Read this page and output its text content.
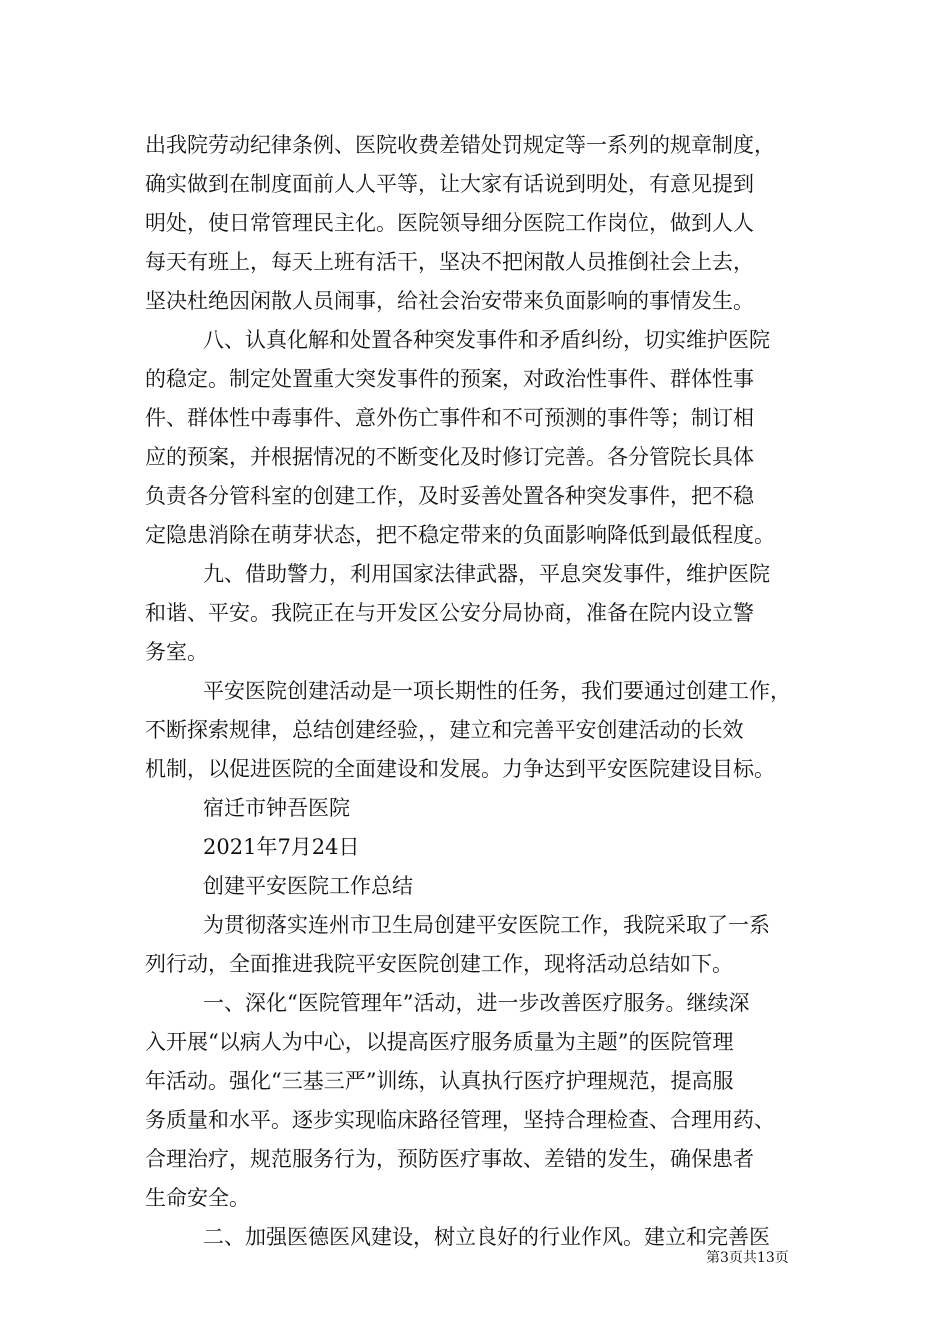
出我院劳动纪律条例、医院收费差错处罚规定等一系列的规章制度，
确实做到在制度面前人人平等，让大家有话说到明处，有意见提到
明处，使日常管理民主化。医院领导细分医院工作岗位，做到人人
每天有班上，每天上班有活干，坚决不把闲散人员推倒社会上去，
坚决杜绝因闲散人员闹事，给社会治安带来负面影响的事情发生。
八、认真化解和处置各种突发事件和矛盾纠纷，切实维护医院
的稳定。制定处置重大突发事件的预案，对政治性事件、群体性事
件、群体性中毒事件、意外伤亡事件和不可预测的事件等；制订相
应的预案，并根据情况的不断变化及时修订完善。各分管院长具体
负责各分管科室的创建工作，及时妥善处置各种突发事件，把不稳
定隐患消除在萌芽状态，把不稳定带来的负面影响降低到最低程度。
九、借助警力，利用国家法律武器，平息突发事件，维护医院
和谐、平安。我院正在与开发区公安分局协商，准备在院内设立警
务室。
平安医院创建活动是一项长期性的任务，我们要通过创建工作，
不断探索规律，总结创建经验，，建立和完善平安创建活动的长效
机制，以促进医院的全面建设和发展。力争达到平安医院建设目标。
宿迁市钟吾医院
2021年7月24日
创建平安医院工作总结
为贯彻落实连州市卫生局创建平安医院工作，我院采取了一系
列行动，全面推进我院平安医院创建工作，现将活动总结如下。
一、深化“医院管理年”活动，进一步改善医疗服务。继续深
入开展“以病人为中心，以提高医疗服务质量为主题”的医院管理
年活动。强化“三基三严”训练，认真执行医疗护理规范，提高服
务质量和水平。逐步实现临床路径管理，坚持合理检查、合理用药、
合理治疗，规范服务行为，预防医疗事故、差错的发生，确保患者
生命安全。
二、加强医德医风建设，树立良好的行业作风。建立和完善医
第3页共13页
